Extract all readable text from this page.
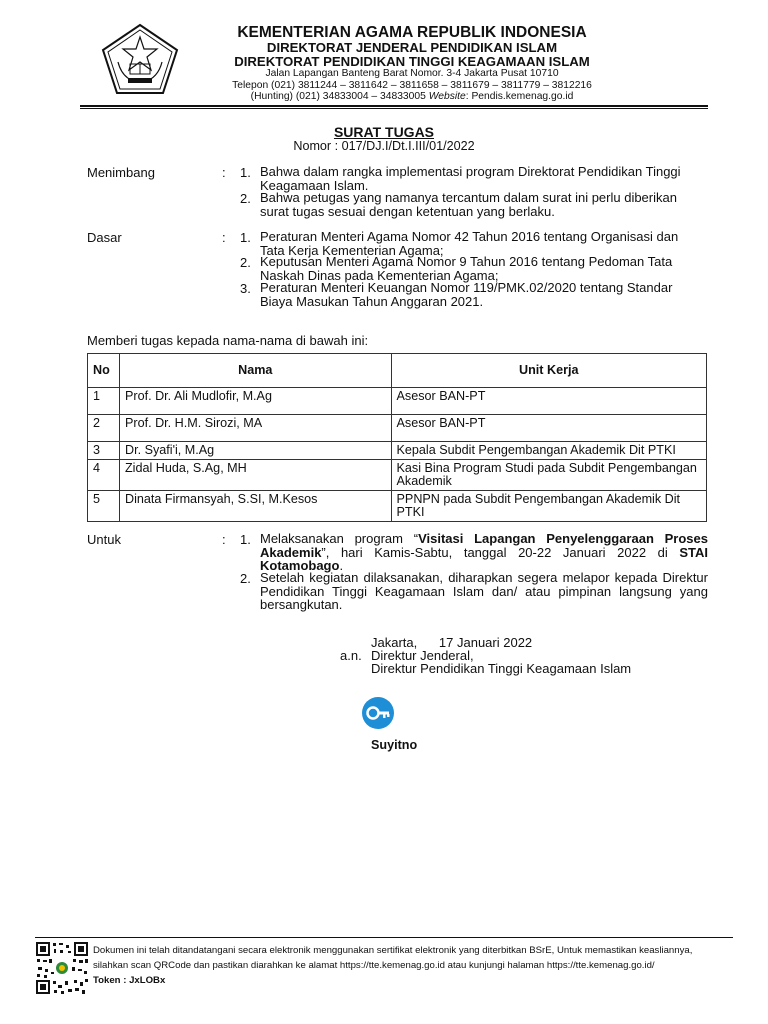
KEMENTERIAN AGAMA REPUBLIK INDONESIA
DIREKTORAT JENDERAL PENDIDIKAN ISLAM
DIREKTORAT PENDIDIKAN TINGGI KEAGAMAAN ISLAM
Jalan Lapangan Banteng Barat Nomor. 3-4 Jakarta Pusat 10710
Telepon (021) 3811244 – 3811642 – 3811658 – 3811679 – 3811779 – 3812216
(Hunting) (021) 34833004 – 34833005 Website: Pendis.kemenag.go.id
SURAT TUGAS
Nomor : 017/DJ.I/Dt.I.III/01/2022
Menimbang	: 1. Bahwa dalam rangka implementasi program Direktorat Pendidikan Tinggi
Keagamaan Islam.
2. Bahwa petugas yang namanya tercantum dalam surat ini perlu diberikan
surat tugas sesuai dengan ketentuan yang berlaku.
Dasar	: 1. Peraturan Menteri Agama Nomor 42 Tahun 2016 tentang Organisasi dan
Tata Kerja Kementerian Agama;
2. Keputusan Menteri Agama Nomor 9 Tahun 2016 tentang Pedoman Tata
Naskah Dinas pada Kementerian Agama;
3. Peraturan Menteri Keuangan Nomor 119/PMK.02/2020 tentang Standar
Biaya Masukan Tahun Anggaran 2021.
Memberi tugas kepada nama-nama di bawah ini:
No	Nama	Unit Kerja
1	Prof. Dr. Ali Mudlofir, M.Ag	Asesor BAN-PT
2	Prof. Dr. H.M. Sirozi, MA	Asesor BAN-PT
3	Dr. Syafi'i, M.Ag	Kepala Subdit Pengembangan Akademik Dit PTKI
4	Zidal Huda, S.Ag, MH	Kasi Bina Program Studi pada Subdit Pengembangan Akademik
5	Dinata Firmansyah, S.SI, M.Kesos	PPNPN pada Subdit Pengembangan Akademik Dit PTKI
Untuk	: 1. Melaksanakan program “Visitasi Lapangan Penyelenggaraan Proses Akademik”, hari Kamis-Sabtu, tanggal 20-22 Januari 2022 di STAI Kotamobago.
2. Setelah kegiatan dilaksanakan, diharapkan segera melapor kepada Direktur Pendidikan Tinggi Keagamaan Islam dan/ atau pimpinan langsung yang bersangkutan.
Jakarta,      17 Januari 2022
a.n. Direktur Jenderal,
Direktur Pendidikan Tinggi Keagamaan Islam
Suyitno
Dokumen ini telah ditandatangani secara elektronik menggunakan sertifikat elektronik yang diterbitkan BSrE, Untuk memastikan keasliannya,
silahkan scan QRCode dan pastikan diarahkan ke alamat https://tte.kemenag.go.id atau kunjungi halaman https://tte.kemenag.go.id/
Token : JxLOBx
